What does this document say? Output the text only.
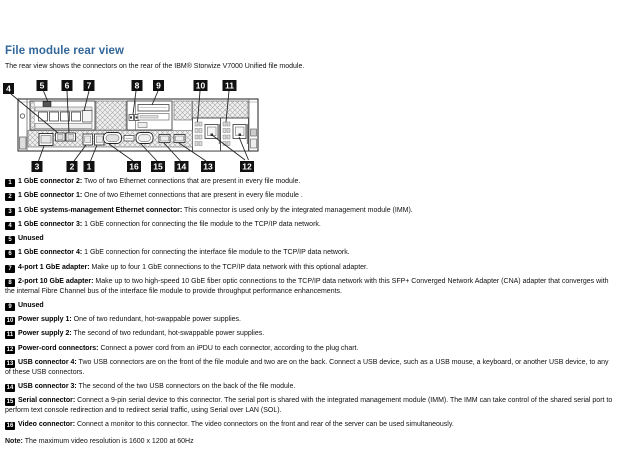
File module rear view
The rear view shows the connectors on the rear of the IBM® Storwize V7000 Unified file module.
4	5 6 7	8 9	10 11
3	2 1	16 15 14 13	12
1 1 GbE connector 2: Two of two Ethernet connections that are present in every file module.
2 1 GbE connector 1: One of two Ethernet connections that are present in every file module .
3 1 GbE systems-management Ethernet connector: This connector is used only by the integrated management module (IMM).
4 1 GbE connector 3: 1 GbE connection for connecting the file module to the TCP/IP data network.
5 Unused
6 1 GbE connector 4: 1 GbE connection for connecting the interface file module to the TCP/IP data network.
7 4-port 1 GbE adapter: Make up to four 1 GbE connections to the TCP/IP data network with this optional adapter.
8 2-port 10 GbE adapter: Make up to two high-speed 10 GbE fiber optic connections to the TCP/IP data network with this SFP+ Converged Network Adapter (CNA) adapter that converges with the internal Fibre Channel bus of the interface file module to provide throughput performance enhancements.
9 Unused
10 Power supply 1: One of two redundant, hot-swappable power supplies.
11 Power supply 2: The second of two redundant, hot-swappable power supplies.
12 Power-cord connectors: Connect a power cord from an iPDU to each connector, according to the plug chart.
13 USB connector 4: Two USB connectors are on the front of the file module and two are on the back. Connect a USB device, such as a USB mouse, a keyboard, or another USB device, to any of these USB connectors.
14 USB connector 3: The second of the two USB connectors on the back of the file module.
15 Serial connector: Connect a 9-pin serial device to this connector. The serial port is shared with the integrated management module (IMM). The IMM can take control of the shared serial port to perform text console redirection and to redirect serial traffic, using Serial over LAN (SOL).
16 Video connector: Connect a monitor to this connector. The video connectors on the front and rear of the server can be used simultaneously.
Note: The maximum video resolution is 1600 x 1200 at 60Hz
